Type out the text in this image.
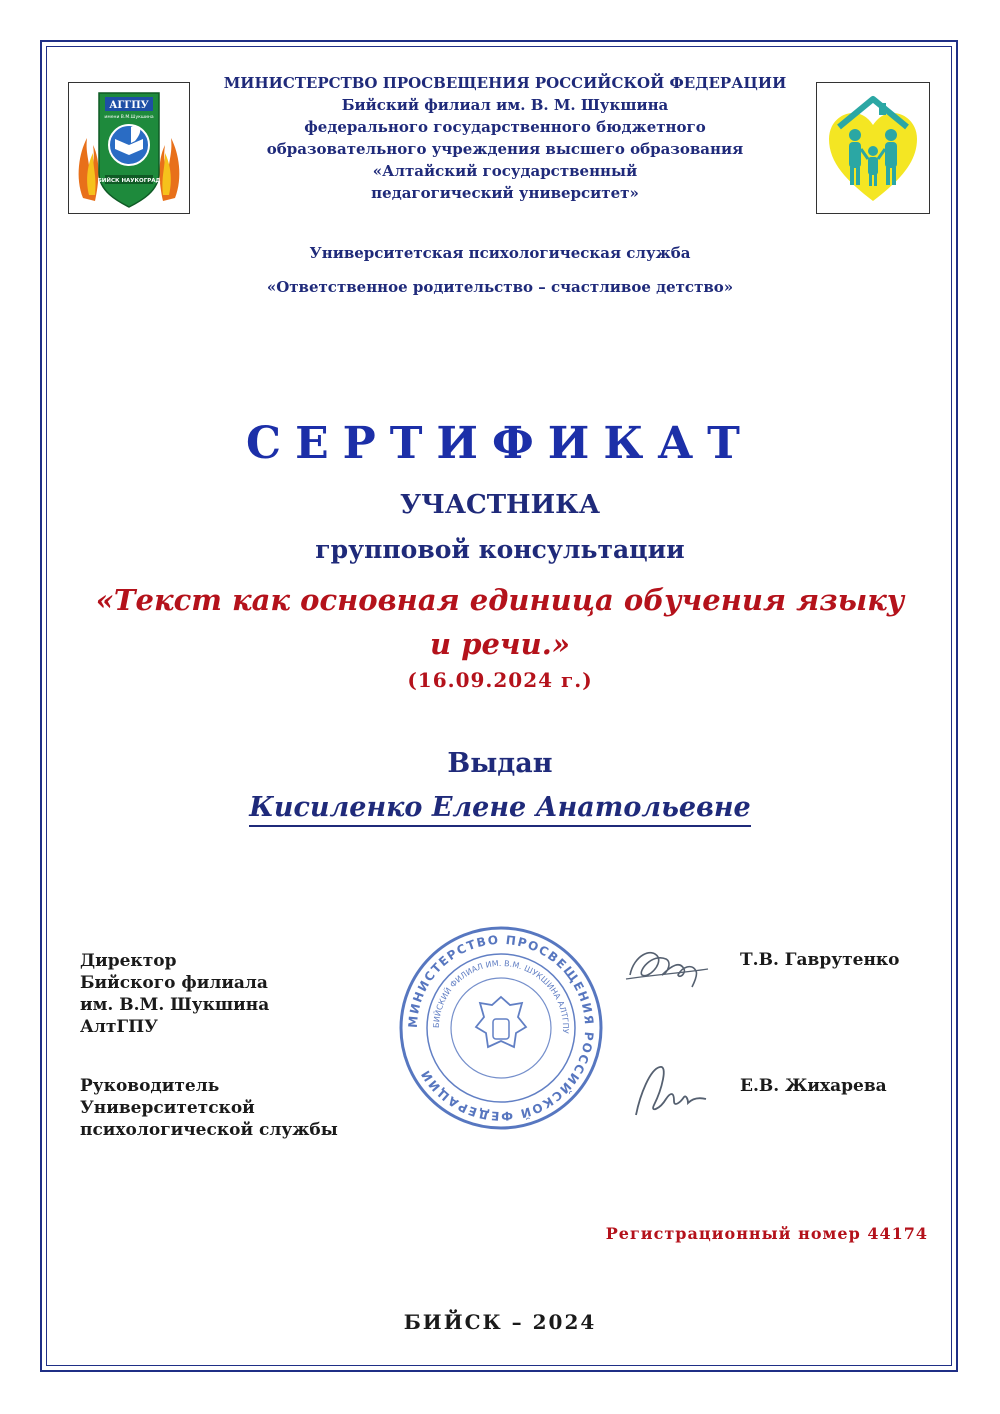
АГГПУ
имени В.М.Шукшина
БИЙСК НАУКОГРАД
МИНИСТЕРСТВО ПРОСВЕЩЕНИЯ РОССИЙСКОЙ ФЕДЕРАЦИИ
Бийский филиал им. В. М. Шукшина
федерального государственного бюджетного
образовательного учреждения высшего образования
«Алтайский государственный
педагогический университет»
Университетская психологическая служба
«Ответственное родительство – счастливое детство»
СЕРТИФИКАТ
УЧАСТНИКА
групповой консультации
«Текст как основная единица обучения языку
и речи.»
(16.09.2024 г.)
Выдан
Кисиленко Елене Анатольевне
Директор
Бийского филиала
им. В.М. Шукшина
АлтГПУ
Т.В. Гаврутенко
Руководитель
Университетской
психологической службы
Е.В. Жихарева
МИНИСТЕРСТВО ПРОСВЕЩЕНИЯ РОССИЙСКОЙ ФЕДЕРАЦИИ
БИЙСКИЙ ФИЛИАЛ ИМ. В.М. ШУКШИНА АЛТГПУ
Регистрационный номер 44174
БИЙСК – 2024
